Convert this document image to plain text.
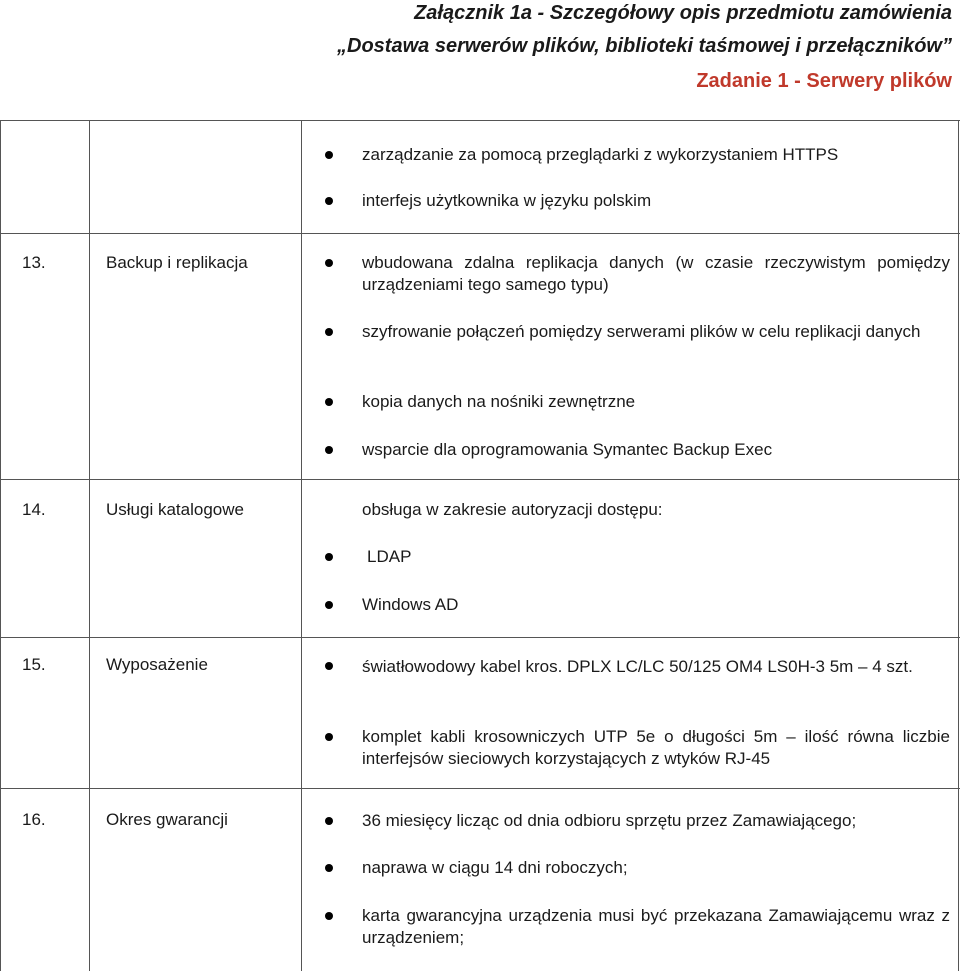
Załącznik 1a - Szczegółowy opis przedmiotu zamówienia
„Dostawa serwerów plików, biblioteki taśmowej i przełączników”
Zadanie 1 - Serwery plików
zarządzanie za pomocą przeglądarki z wykorzystaniem HTTPS
interfejs użytkownika w języku polskim
13.	Backup i replikacja	wbudowana zdalna replikacja danych (w czasie rzeczywistym pomiędzy urządzeniami tego samego typu)
szyfrowanie połączeń pomiędzy serwerami plików w celu replikacji danych
kopia danych na nośniki zewnętrzne
wsparcie dla oprogramowania Symantec Backup Exec
14.	Usługi katalogowe	obsługa w zakresie autoryzacji dostępu:
LDAP
Windows AD
15.	Wyposażenie	światłowodowy kabel kros. DPLX LC/LC 50/125 OM4 LS0H-3 5m – 4 szt.
komplet kabli krosowniczych UTP 5e o długości 5m – ilość równa liczbie interfejsów sieciowych korzystających z wtyków RJ-45
16.	Okres gwarancji	36 miesięcy licząc od dnia odbioru sprzętu przez Zamawiającego;
naprawa w ciągu 14 dni roboczych;
karta gwarancyjna urządzenia musi być przekazana Zamawiającemu wraz z urządzeniem;
